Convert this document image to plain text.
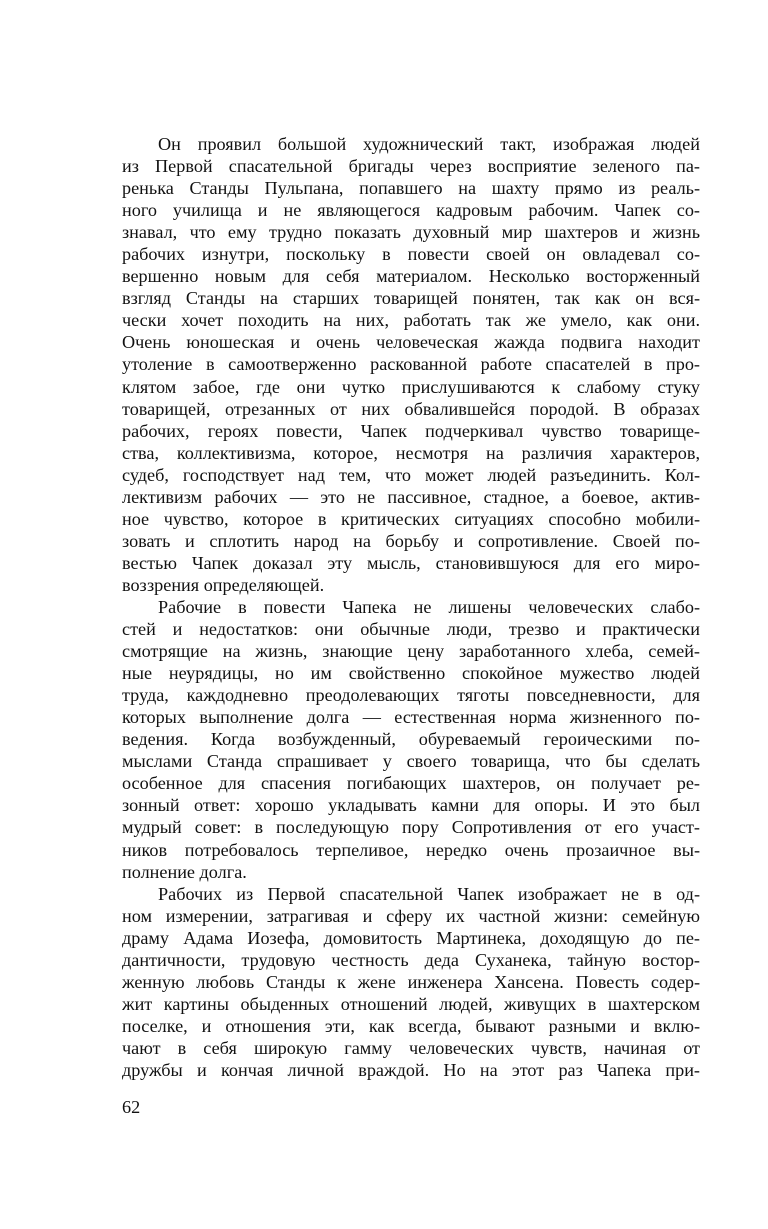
Он проявил большой художнический такт, изображая людей
из Первой спасательной бригады через восприятие зеленого па-
ренька Станды Пульпана, попавшего на шахту прямо из реаль-
ного училища и не являющегося кадровым рабочим. Чапек со-
знавал, что ему трудно показать духовный мир шахтеров и жизнь
рабочих изнутри, поскольку в повести своей он овладевал со-
вершенно новым для себя материалом. Несколько восторженный
взгляд Станды на старших товарищей понятен, так как он вся-
чески хочет походить на них, работать так же умело, как они.
Очень юношеская и очень человеческая жажда подвига находит
утоление в самоотверженно раскованной работе спасателей в про-
клятом забое, где они чутко прислушиваются к слабому стуку
товарищей, отрезанных от них обвалившейся породой. В образах
рабочих, героях повести, Чапек подчеркивал чувство товарище-
ства, коллективизма, которое, несмотря на различия характеров,
судеб, господствует над тем, что может людей разъединить. Кол-
лективизм рабочих — это не пассивное, стадное, а боевое, актив-
ное чувство, которое в критических ситуациях способно мобили-
зовать и сплотить народ на борьбу и сопротивление. Своей по-
вестью Чапек доказал эту мысль, становившуюся для его миро-
воззрения определяющей.
Рабочие в повести Чапека не лишены человеческих слабо-
стей и недостатков: они обычные люди, трезво и практически
смотрящие на жизнь, знающие цену заработанного хлеба, семей-
ные неурядицы, но им свойственно спокойное мужество людей
труда, каждодневно преодолевающих тяготы повседневности, для
которых выполнение долга — естественная норма жизненного по-
ведения. Когда возбужденный, обуреваемый героическими по-
мыслами Станда спрашивает у своего товарища, что бы сделать
особенное для спасения погибающих шахтеров, он получает ре-
зонный ответ: хорошо укладывать камни для опоры. И это был
мудрый совет: в последующую пору Сопротивления от его участ-
ников потребовалось терпеливое, нередко очень прозаичное вы-
полнение долга.
Рабочих из Первой спасательной Чапек изображает не в од-
ном измерении, затрагивая и сферу их частной жизни: семейную
драму Адама Иозефа, домовитость Мартинека, доходящую до пе-
дантичности, трудовую честность деда Суханека, тайную востор-
женную любовь Станды к жене инженера Хансена. Повесть содер-
жит картины обыденных отношений людей, живущих в шахтерском
поселке, и отношения эти, как всегда, бывают разными и вклю-
чают в себя широкую гамму человеческих чувств, начиная от
дружбы и кончая личной враждой. Но на этот раз Чапека при-
62
